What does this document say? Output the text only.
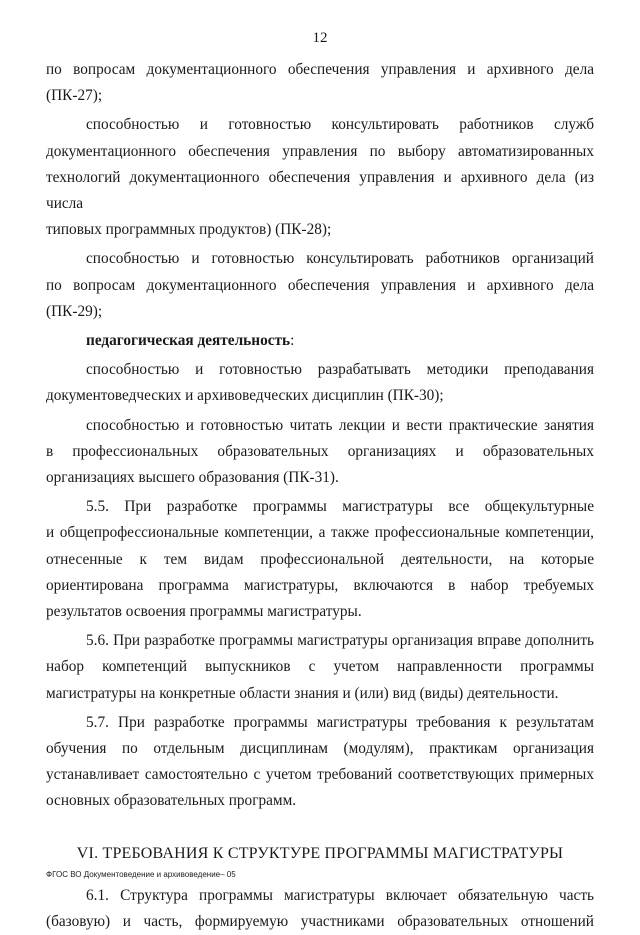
12
по вопросам документационного обеспечения управления и архивного дела (ПК-27);
способностью и готовностью консультировать работников служб
документационного обеспечения управления по выбору автоматизированных
технологий документационного обеспечения управления и архивного дела (из числа
типовых программных продуктов) (ПК-28);
способностью и готовностью консультировать работников организаций
по вопросам документационного обеспечения управления и архивного дела (ПК-29);
педагогическая деятельность:
способностью и готовностью разрабатывать методики преподавания
документоведческих и архивоведческих дисциплин (ПК-30);
способностью и готовностью читать лекции и вести практические занятия
в профессиональных образовательных организациях и образовательных
организациях высшего образования (ПК-31).
5.5. При разработке программы магистратуры все общекультурные
и общепрофессиональные компетенции, а также профессиональные компетенции,
отнесенные к тем видам профессиональной деятельности, на которые
ориентирована программа магистратуры, включаются в набор требуемых
результатов освоения программы магистратуры.
5.6. При разработке программы магистратуры организация вправе дополнить
набор компетенций выпускников с учетом направленности программы
магистратуры на конкретные области знания и (или) вид (виды) деятельности.
5.7. При разработке программы магистратуры требования к результатам
обучения по отдельным дисциплинам (модулям), практикам организация
устанавливает самостоятельно с учетом требований соответствующих примерных
основных образовательных программ.
VI. ТРЕБОВАНИЯ К СТРУКТУРЕ ПРОГРАММЫ МАГИСТРАТУРЫ
6.1. Структура программы магистратуры включает обязательную часть
(базовую) и часть, формируемую участниками образовательных отношений
ФГОС ВО Документоведение и архивоведение– 05
